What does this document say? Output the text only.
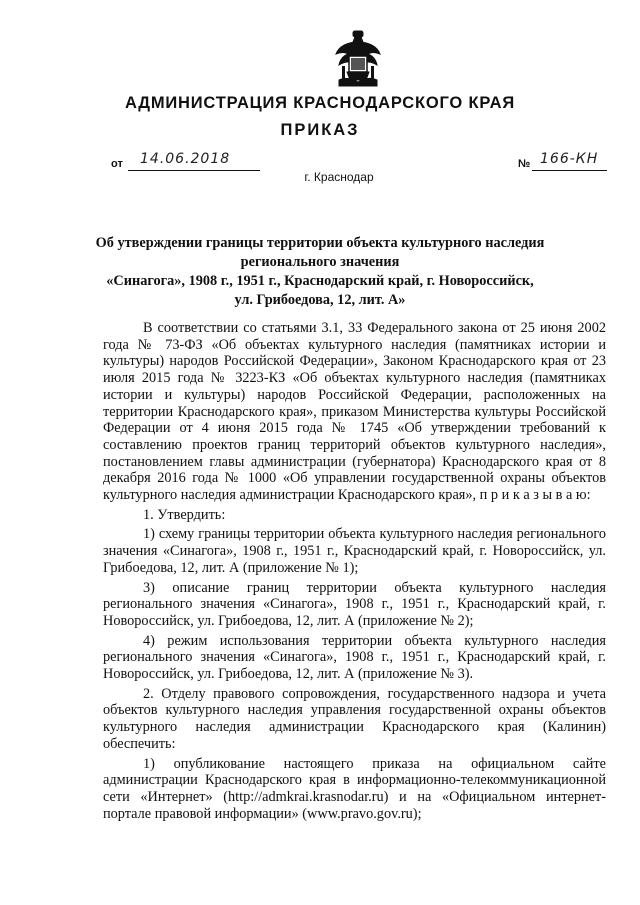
АДМИНИСТРАЦИЯ КРАСНОДАРСКОГО КРАЯ
ПРИКАЗ
от 14.06.2018	№ 166-КН
г. Краснодар
Об утверждении границы территории объекта культурного наследия
регионального значения
«Синагога», 1908 г., 1951 г., Краснодарский край, г. Новороссийск,
ул. Грибоедова, 12, лит. А»

В соответствии со статьями 3.1, 33 Федерального закона от 25 июня 2002 года № 73-ФЗ «Об объектах культурного наследия (памятниках истории и культуры) народов Российской Федерации», Законом Краснодарского края от 23 июля 2015 года № 3223-КЗ «Об объектах культурного наследия (памятниках истории и культуры) народов Российской Федерации, расположенных на территории Краснодарского края», приказом Министерства культуры Российской Федерации от 4 июня 2015 года № 1745 «Об утверждении требований к составлению проектов границ территорий объектов культурного наследия», постановлением главы администрации (губернатора) Краснодарского края от 8 декабря 2016 года № 1000 «Об управлении государственной охраны объектов культурного наследия администрации Краснодарского края», п р и к а з ы в а ю:

1. Утвердить:

1) схему границы территории объекта культурного наследия регионального значения «Синагога», 1908 г., 1951 г., Краснодарский край, г. Новороссийск, ул. Грибоедова, 12, лит. А (приложение № 1);

3) описание границ территории объекта культурного наследия регионального значения «Синагога», 1908 г., 1951 г., Краснодарский край, г. Новороссийск, ул. Грибоедова, 12, лит. А (приложение № 2);

4) режим использования территории объекта культурного наследия регионального значения «Синагога», 1908 г., 1951 г., Краснодарский край, г. Новороссийск, ул. Грибоедова, 12, лит. А (приложение № 3).

2. Отделу правового сопровождения, государственного надзора и учета объектов культурного наследия управления государственной охраны объектов культурного наследия администрации Краснодарского края (Калинин) обеспечить:

1) опубликование настоящего приказа на официальном сайте администрации Краснодарского края в информационно-телекоммуникационной сети «Интернет» (http://admkrai.krasnodar.ru) и на «Официальном интернет-портале правовой информации» (www.pravo.gov.ru);
